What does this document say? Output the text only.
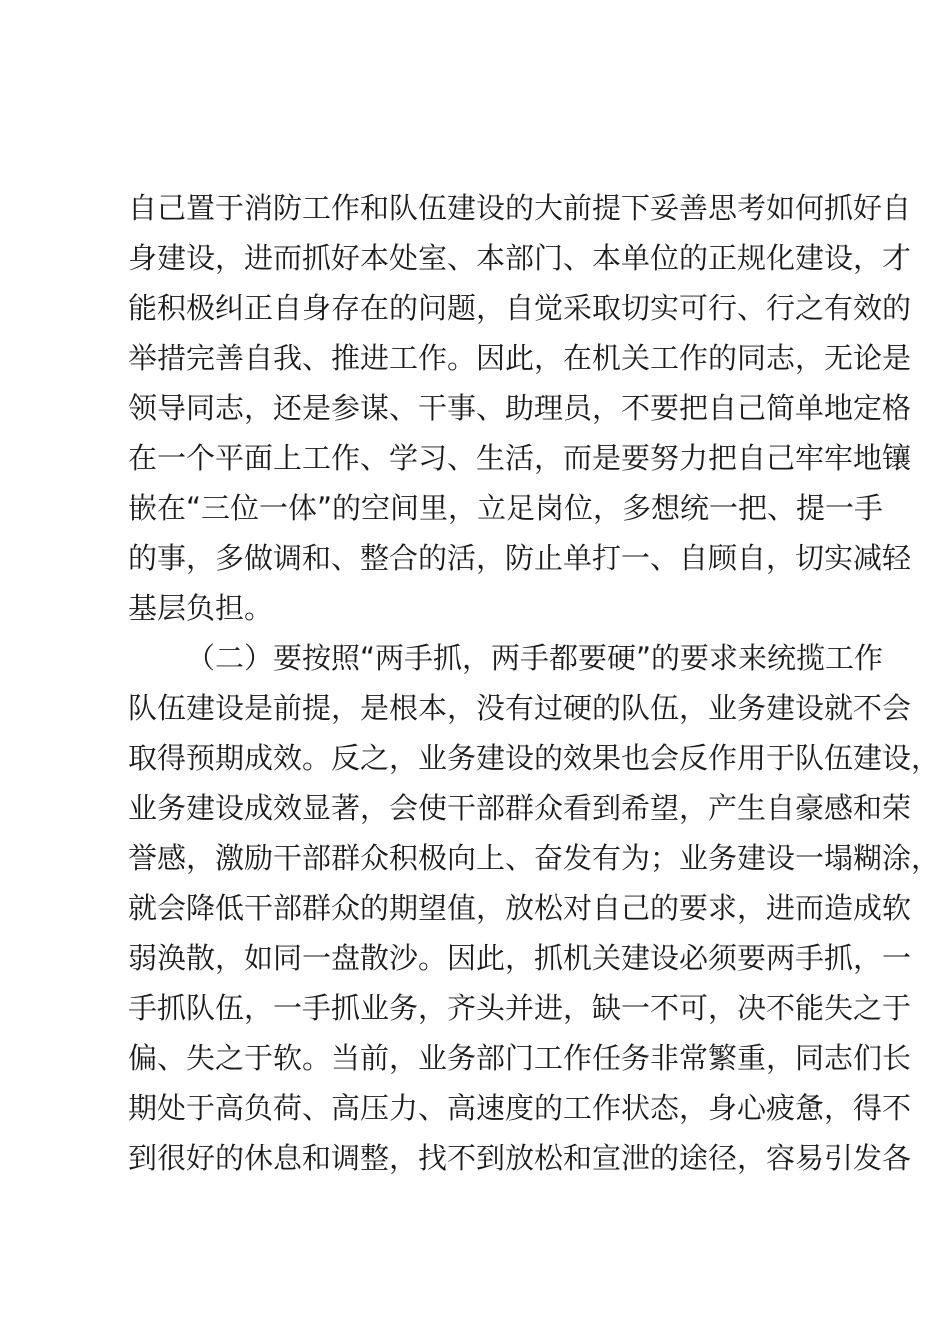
自己置于消防工作和队伍建设的大前提下妥善思考如何抓好自
身建设，进而抓好本处室、本部门、本单位的正规化建设，才
能积极纠正自身存在的问题，自觉采取切实可行、行之有效的
举措完善自我、推进工作。因此，在机关工作的同志，无论是
领导同志，还是参谋、干事、助理员，不要把自己简单地定格
在一个平面上工作、学习、生活，而是要努力把自己牢牢地镶
嵌在“三位一体”的空间里，立足岗位，多想统一把、提一手
的事，多做调和、整合的活，防止单打一、自顾自，切实减轻
基层负担。
（二）要按照“两手抓，两手都要硬”的要求来统揽工作
队伍建设是前提，是根本，没有过硬的队伍，业务建设就不会
取得预期成效。反之，业务建设的效果也会反作用于队伍建设，
业务建设成效显著，会使干部群众看到希望，产生自豪感和荣
誉感，激励干部群众积极向上、奋发有为；业务建设一塌糊涂，
就会降低干部群众的期望值，放松对自己的要求，进而造成软
弱涣散，如同一盘散沙。因此，抓机关建设必须要两手抓，一
手抓队伍，一手抓业务，齐头并进，缺一不可，决不能失之于
偏、失之于软。当前，业务部门工作任务非常繁重，同志们长
期处于高负荷、高压力、高速度的工作状态，身心疲惫，得不
到很好的休息和调整，找不到放松和宣泄的途径，容易引发各
